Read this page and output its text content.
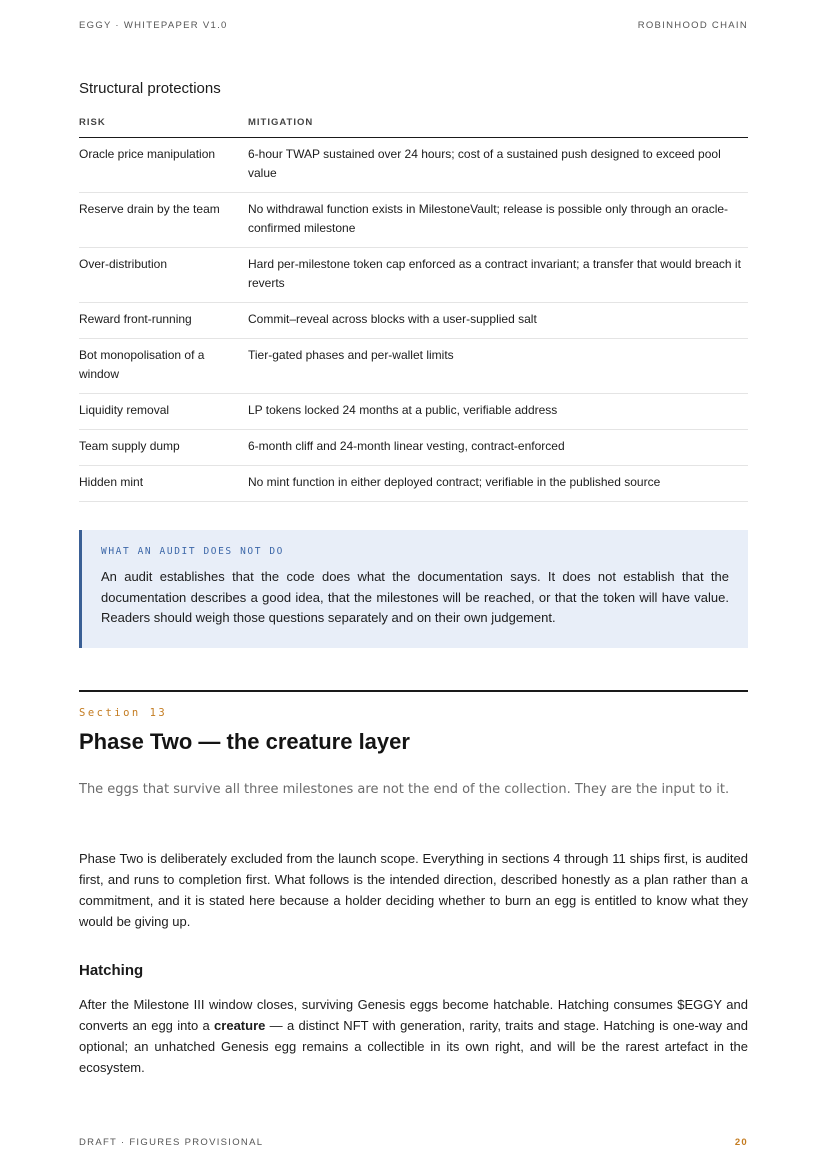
EGGY · WHITEPAPER V1.0	ROBINHOOD CHAIN
Structural protections
RISK	MITIGATION
Oracle price manipulation	6-hour TWAP sustained over 24 hours; cost of a sustained push designed to exceed pool value
Reserve drain by the team	No withdrawal function exists in MilestoneVault; release is possible only through an oracle-confirmed milestone
Over-distribution	Hard per-milestone token cap enforced as a contract invariant; a transfer that would breach it reverts
Reward front-running	Commit–reveal across blocks with a user-supplied salt
Bot monopolisation of a window	Tier-gated phases and per-wallet limits
Liquidity removal	LP tokens locked 24 months at a public, verifiable address
Team supply dump	6-month cliff and 24-month linear vesting, contract-enforced
Hidden mint	No mint function in either deployed contract; verifiable in the published source
WHAT AN AUDIT DOES NOT DO
An audit establishes that the code does what the documentation says. It does not establish that the documentation describes a good idea, that the milestones will be reached, or that the token will have value. Readers should weigh those questions separately and on their own judgement.
Section 13
Phase Two — the creature layer

The eggs that survive all three milestones are not the end of the collection. They are the input to it.

Phase Two is deliberately excluded from the launch scope. Everything in sections 4 through 11 ships first, is audited first, and runs to completion first. What follows is the intended direction, described honestly as a plan rather than a commitment, and it is stated here because a holder deciding whether to burn an egg is entitled to know what they would be giving up.

Hatching

After the Milestone III window closes, surviving Genesis eggs become hatchable. Hatching consumes $EGGY and converts an egg into a creature — a distinct NFT with generation, rarity, traits and stage. Hatching is one-way and optional; an unhatched Genesis egg remains a collectible in its own right, and will be the rarest artefact in the ecosystem.

DRAFT · FIGURES PROVISIONAL	20
